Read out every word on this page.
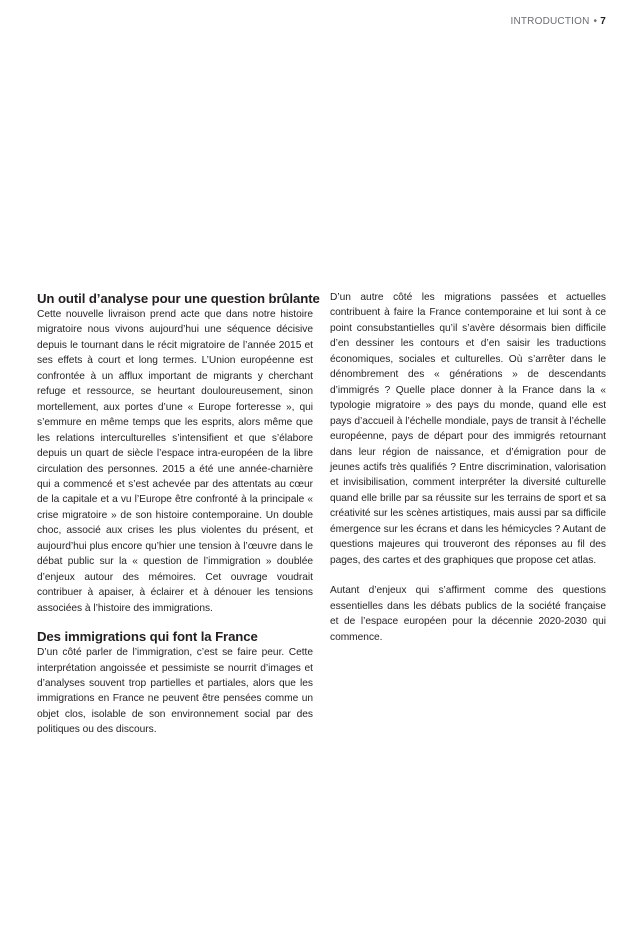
INTRODUCTION • 7
Un outil d’analyse pour une question brûlante

Cette nouvelle livraison prend acte que dans notre histoire migratoire nous vivons aujourd’hui une séquence décisive depuis le tournant dans le récit migratoire de l’année 2015 et ses effets à court et long termes. L’Union européenne est confrontée à un afflux important de migrants y cherchant refuge et ressource, se heurtant douloureusement, sinon mortellement, aux portes d’une « Europe forteresse », qui s’emmure en même temps que les esprits, alors même que les relations interculturelles s’intensifient et que s’élabore depuis un quart de siècle l’espace intra-européen de la libre circulation des personnes. 2015 a été une année-charnière qui a commencé et s’est achevée par des attentats au cœur de la capitale et a vu l’Europe être confronté à la principale « crise migratoire » de son histoire contemporaine. Un double choc, associé aux crises les plus violentes du présent, et aujourd’hui plus encore qu’hier une tension à l’œuvre dans le débat public sur la « question de l’immigration » doublée d’enjeux autour des mémoires. Cet ouvrage voudrait contribuer à apaiser, à éclairer et à dénouer les tensions associées à l’histoire des immigrations.

Des immigrations qui font la France

D’un côté parler de l’immigration, c’est se faire peur. Cette interprétation angoissée et pessimiste se nourrit d’images et d’analyses souvent trop partielles et partiales, alors que les immigrations en France ne peuvent être pensées comme un objet clos, isolable de son environnement social par des politiques ou des discours.

D’un autre côté les migrations passées et actuelles contribuent à faire la France contemporaine et lui sont à ce point consubstantielles qu’il s’avère désormais bien difficile d’en dessiner les contours et d’en saisir les traductions économiques, sociales et culturelles. Où s’arrêter dans le dénombrement des « générations » de descendants d’immigrés ? Quelle place donner à la France dans la « typologie migratoire » des pays du monde, quand elle est pays d’accueil à l’échelle mondiale, pays de transit à l’échelle européenne, pays de départ pour des immigrés retournant dans leur région de naissance, et d’émigration pour de jeunes actifs très qualifiés ? Entre discrimination, valorisation et invisibilisation, comment interpréter la diversité culturelle quand elle brille par sa réussite sur les terrains de sport et sa créativité sur les scènes artistiques, mais aussi par sa difficile émergence sur les écrans et dans les hémicycles ? Autant de questions majeures qui trouveront des réponses au fil des pages, des cartes et des graphiques que propose cet atlas.

Autant d’enjeux qui s’affirment comme des questions essentielles dans les débats publics de la société française et de l’espace européen pour la décennie 2020-2030 qui commence.
